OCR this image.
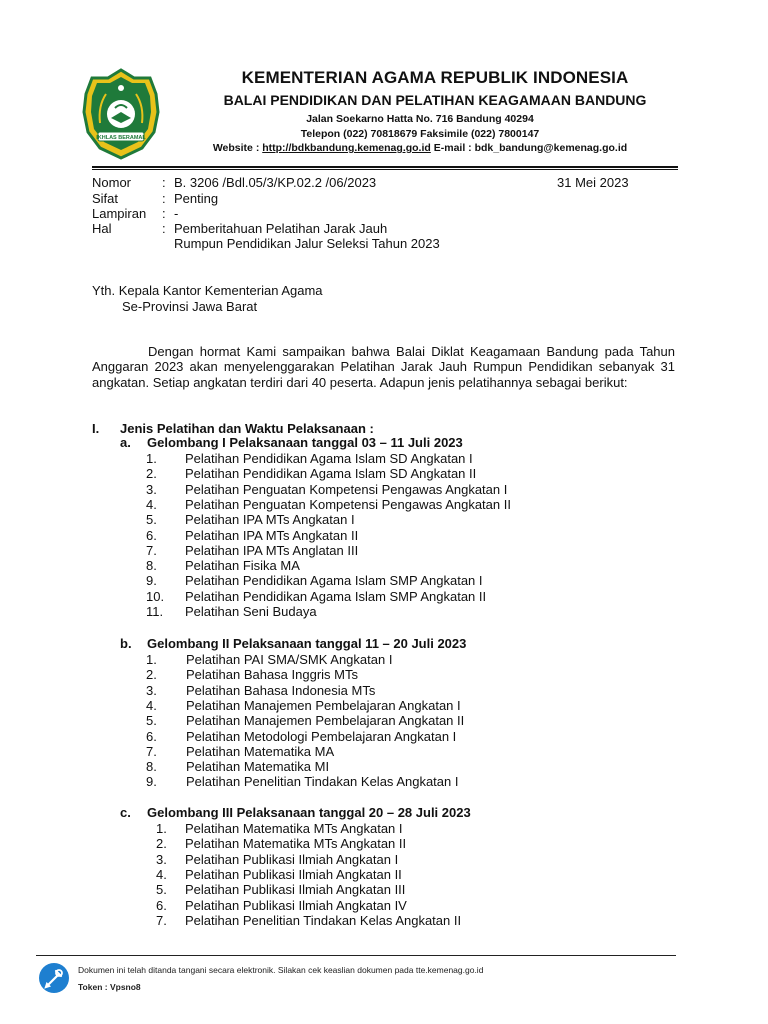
IKHLAS BERAMAL
KEMENTERIAN AGAMA REPUBLIK INDONESIA
BALAI PENDIDIKAN DAN PELATIHAN KEAGAMAAN BANDUNG
Jalan Soekarno Hatta No. 716 Bandung 40294
Telepon (022) 70818679 Faksimile (022) 7800147
Website : http://bdkbandung.kemenag.go.id E-mail : bdk_bandung@kemenag.go.id
Nomor : B. 3206 /Bdl.05/3/KP.02.2 /06/2023	31 Mei 2023
Sifat	: Penting
Lampiran : -
Hal	: Pemberitahuan Pelatihan Jarak Jauh
Rumpun Pendidikan Jalur Seleksi Tahun 2023
Yth. Kepala Kantor Kementerian Agama
Se-Provinsi Jawa Barat
Dengan hormat Kami sampaikan bahwa Balai Diklat Keagamaan Bandung pada Tahun Anggaran 2023 akan menyelenggarakan Pelatihan Jarak Jauh Rumpun Pendidikan sebanyak 31 angkatan. Setiap angkatan terdiri dari 40 peserta. Adapun jenis pelatihannya sebagai berikut:
I. Jenis Pelatihan dan Waktu Pelaksanaan :
a. Gelombang I Pelaksanaan tanggal 03 – 11 Juli 2023
1.	Pelatihan Pendidikan Agama Islam SD Angkatan I
2.	Pelatihan Pendidikan Agama Islam SD Angkatan II
3.	Pelatihan Penguatan Kompetensi Pengawas Angkatan I
4.	Pelatihan Penguatan Kompetensi Pengawas Angkatan II
5.	Pelatihan IPA MTs Angkatan I
6.	Pelatihan IPA MTs Angkatan II
7.	Pelatihan IPA MTs Anglatan III
8.	Pelatihan Fisika MA
9.	Pelatihan Pendidikan Agama Islam SMP Angkatan I
10.	Pelatihan Pendidikan Agama Islam SMP Angkatan II
11.	Pelatihan Seni Budaya
b. Gelombang II Pelaksanaan tanggal 11 – 20 Juli 2023
1.	Pelatihan PAI SMA/SMK Angkatan I
2.	Pelatihan Bahasa Inggris MTs
3.	Pelatihan Bahasa Indonesia MTs
4.	Pelatihan Manajemen Pembelajaran Angkatan I
5.	Pelatihan Manajemen Pembelajaran Angkatan II
6.	Pelatihan Metodologi Pembelajaran Angkatan I
7.	Pelatihan Matematika MA
8.	Pelatihan Matematika MI
9.	Pelatihan Penelitian Tindakan Kelas Angkatan I
c. Gelombang III Pelaksanaan tanggal 20 – 28 Juli 2023
1.	Pelatihan Matematika MTs Angkatan I
2.	Pelatihan Matematika MTs Angkatan II
3.	Pelatihan Publikasi Ilmiah Angkatan I
4.	Pelatihan Publikasi Ilmiah Angkatan II
5.	Pelatihan Publikasi Ilmiah Angkatan III
6.	Pelatihan Publikasi Ilmiah Angkatan IV
7.	Pelatihan Penelitian Tindakan Kelas Angkatan II
Dokumen ini telah ditanda tangani secara elektronik. Silakan cek keaslian dokumen pada tte.kemenag.go.id
Token : Vpsno8
